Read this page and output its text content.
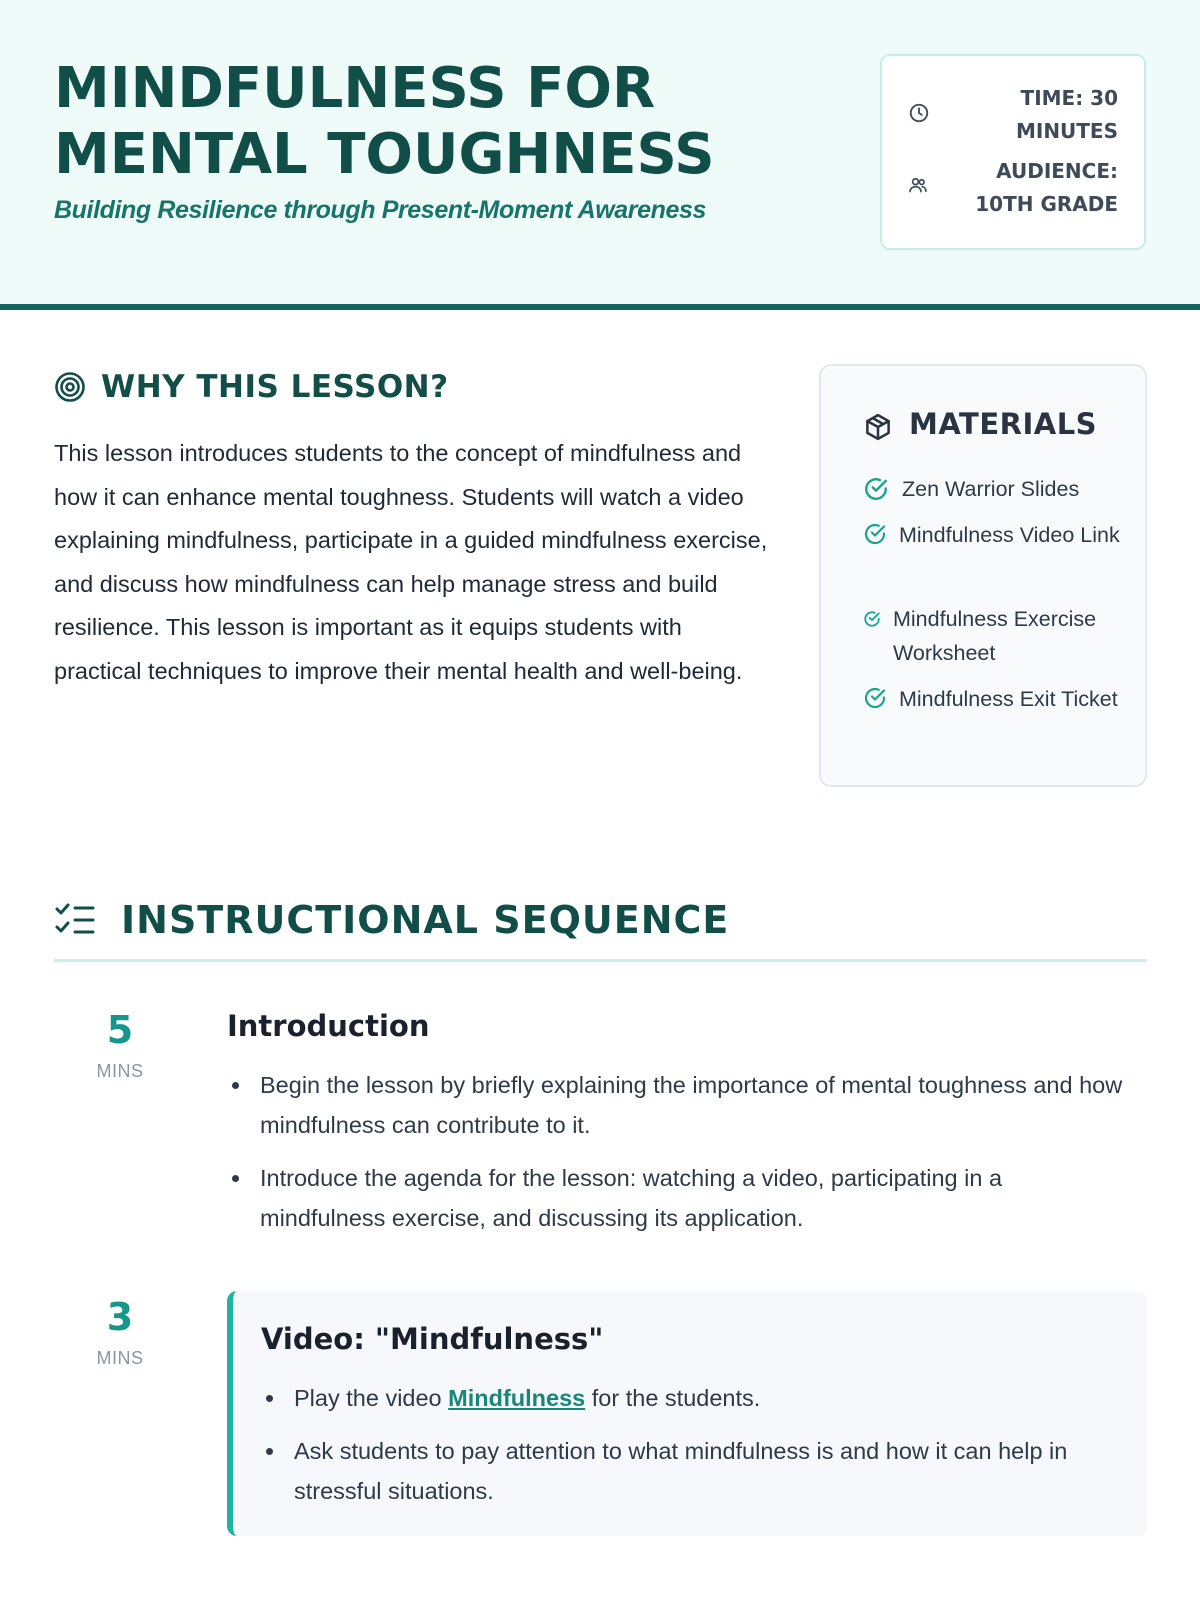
MINDFULNESS FOR MENTAL TOUGHNESS
Building Resilience through Present-Moment Awareness
TIME: 30 MINUTES
AUDIENCE: 10TH GRADE
WHY THIS LESSON?

This lesson introduces students to the concept of mindfulness and how it can enhance mental toughness. Students will watch a video explaining mindfulness, participate in a guided mindfulness exercise, and discuss how mindfulness can help manage stress and build resilience. This lesson is important as it equips students with practical techniques to improve their mental health and well-being.

MATERIALS
Zen Warrior Slides
Mindfulness Video Link
Mindfulness Exercise Worksheet
Mindfulness Exit Ticket
INSTRUCTIONAL SEQUENCE
5
MINS
Introduction
Begin the lesson by briefly explaining the importance of mental toughness and how mindfulness can contribute to it.
Introduce the agenda for the lesson: watching a video, participating in a mindfulness exercise, and discussing its application.
3
MINS
Video: "Mindfulness"
Play the video Mindfulness for the students.
Ask students to pay attention to what mindfulness is and how it can help in stressful situations.
